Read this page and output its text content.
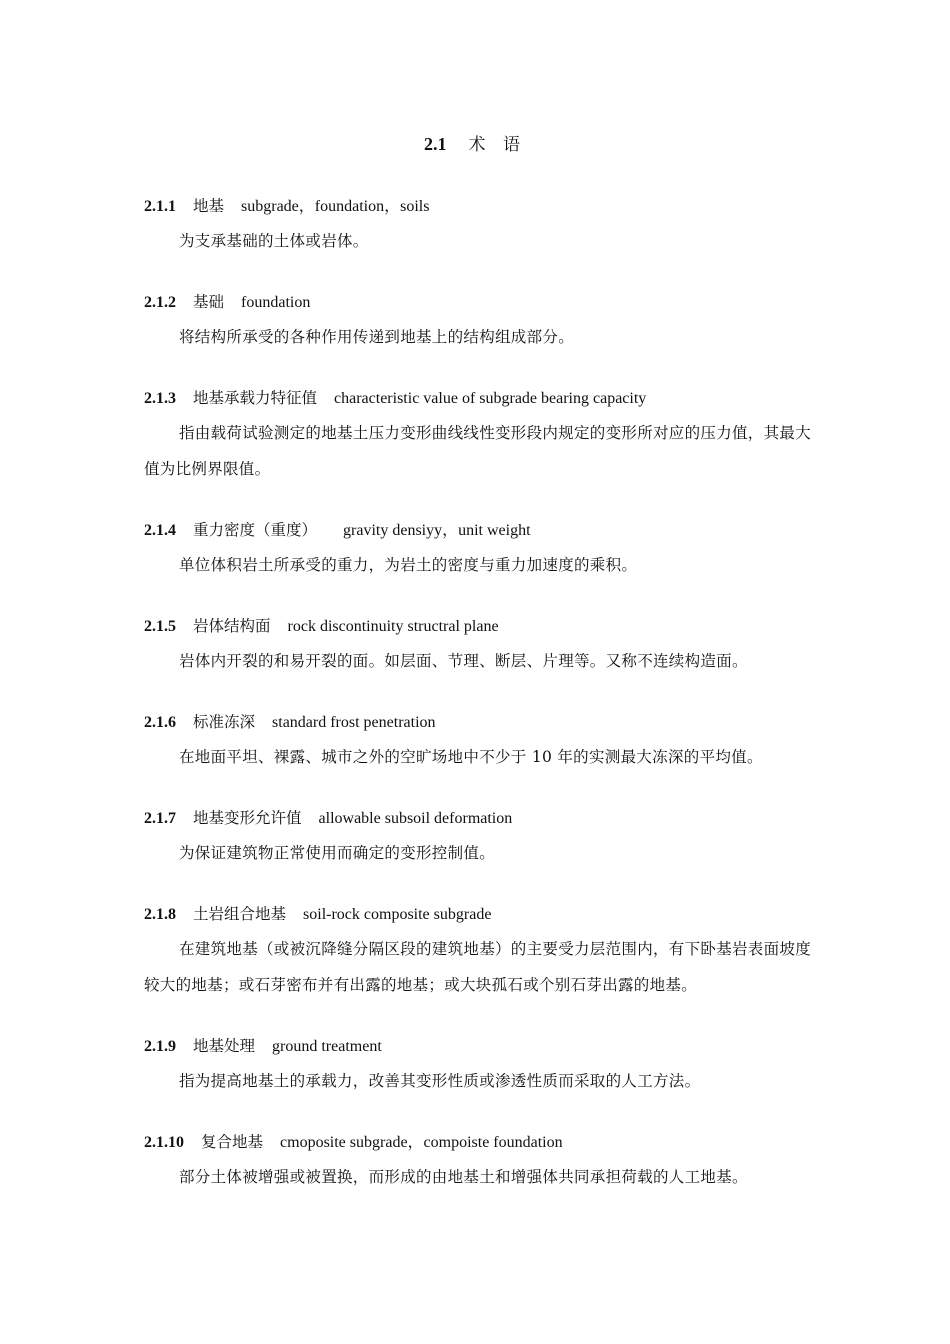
2.1 术 语
2.1.1 地基 subgrade，foundation，soils
为支承基础的土体或岩体。
2.1.2 基础 foundation
将结构所承受的各种作用传递到地基上的结构组成部分。
2.1.3 地基承载力特征值 characteristic value of subgrade bearing capacity
指由载荷试验测定的地基土压力变形曲线线性变形段内规定的变形所对应的压力值，其最大值为比例界限值。
2.1.4 重力密度（重度） gravity densiyy，unit weight
单位体积岩土所承受的重力，为岩土的密度与重力加速度的乘积。
2.1.5 岩体结构面 rock discontinuity structral plane
岩体内开裂的和易开裂的面。如层面、节理、断层、片理等。又称不连续构造面。
2.1.6 标准冻深 standard frost penetration
在地面平坦、裸露、城市之外的空旷场地中不少于 10 年的实测最大冻深的平均值。
2.1.7 地基变形允许值 allowable subsoil deformation
为保证建筑物正常使用而确定的变形控制值。
2.1.8 土岩组合地基 soil-rock composite subgrade
在建筑地基（或被沉降缝分隔区段的建筑地基）的主要受力层范围内，有下卧基岩表面坡度较大的地基；或石芽密布并有出露的地基；或大块孤石或个别石芽出露的地基。
2.1.9 地基处理 ground treatment
指为提高地基土的承载力，改善其变形性质或渗透性质而采取的人工方法。
2.1.10 复合地基 cmoposite subgrade，compoiste foundation
部分土体被增强或被置换，而形成的由地基土和增强体共同承担荷载的人工地基。
